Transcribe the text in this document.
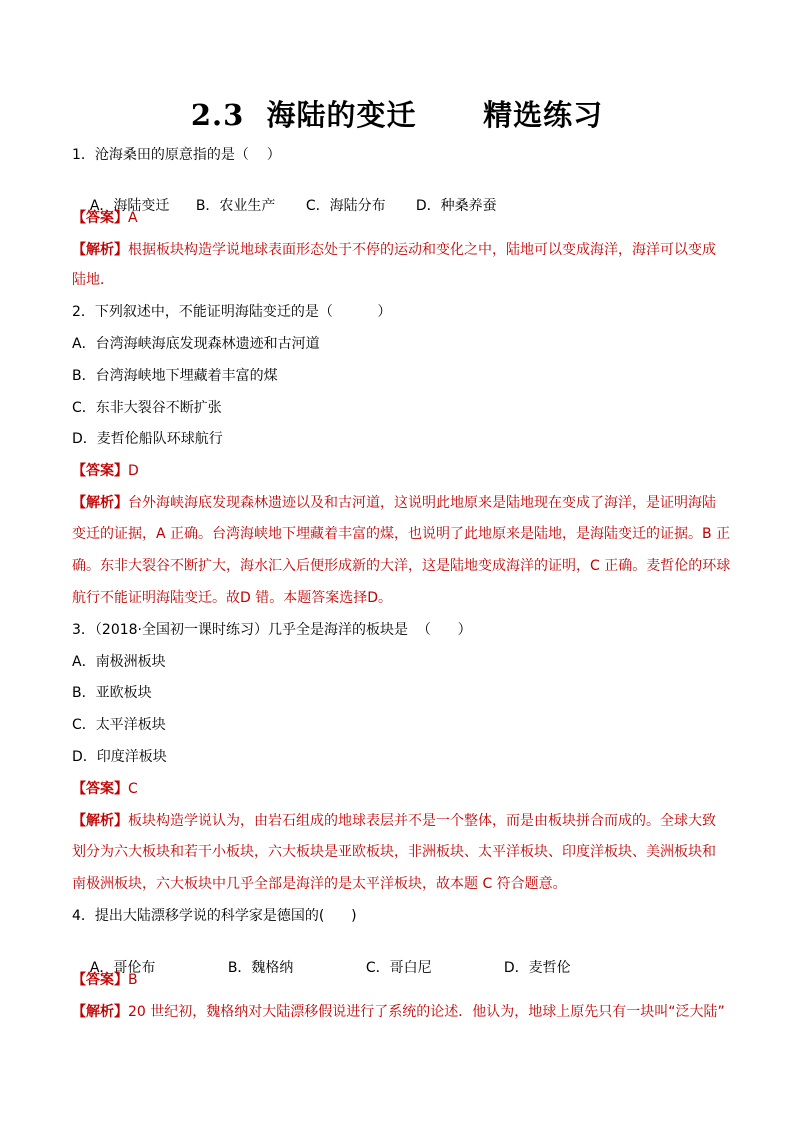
2.3  海陆的变迁      精选练习
1．沧海桑田的原意指的是（    ）

A．海陆变迁 B．农业生产 C．海陆分布 D．种桑养蚕

【答案】A
【解析】根据板块构造学说地球表面形态处于不停的运动和变化之中，陆地可以变成海洋，海洋可以变成
陆地．
2．下列叙述中，不能证明海陆变迁的是（          ）
A．台湾海峡海底发现森林遗迹和古河道
B．台湾海峡地下埋藏着丰富的煤
C．东非大裂谷不断扩张
D．麦哲伦船队环球航行
【答案】D
【解析】台外海峡海底发现森林遗迹以及和古河道，这说明此地原来是陆地现在变成了海洋，是证明海陆
变迁的证据，A 正确。台湾海峡地下埋藏着丰富的煤，也说明了此地原来是陆地，是海陆变迁的证据。B 正
确。东非大裂谷不断扩大，海水汇入后便形成新的大洋，这是陆地变成海洋的证明，C 正确。麦哲伦的环球
航行不能证明海陆变迁。故D 错。本题答案选择D。
3．（2018·全国初一课时练习）几乎全是海洋的板块是  （      ）
A．南极洲板块
B．亚欧板块
C．太平洋板块
D．印度洋板块
【答案】C
【解析】板块构造学说认为，由岩石组成的地球表层并不是一个整体，而是由板块拼合而成的。全球大致
划分为六大板块和若干小板块，六大板块是亚欧板块，非洲板块、太平洋板块、印度洋板块、美洲板块和
南极洲板块，六大板块中几乎全部是海洋的是太平洋板块，故本题 C 符合题意。
4．提出大陆漂移学说的科学家是德国的(      )

A．哥伦布	B．魏格纳	C．哥白尼	D．麦哲伦

【答案】B
【解析】20 世纪初，魏格纳对大陆漂移假说进行了系统的论述．他认为，地球上原先只有一块叫“泛大陆”
